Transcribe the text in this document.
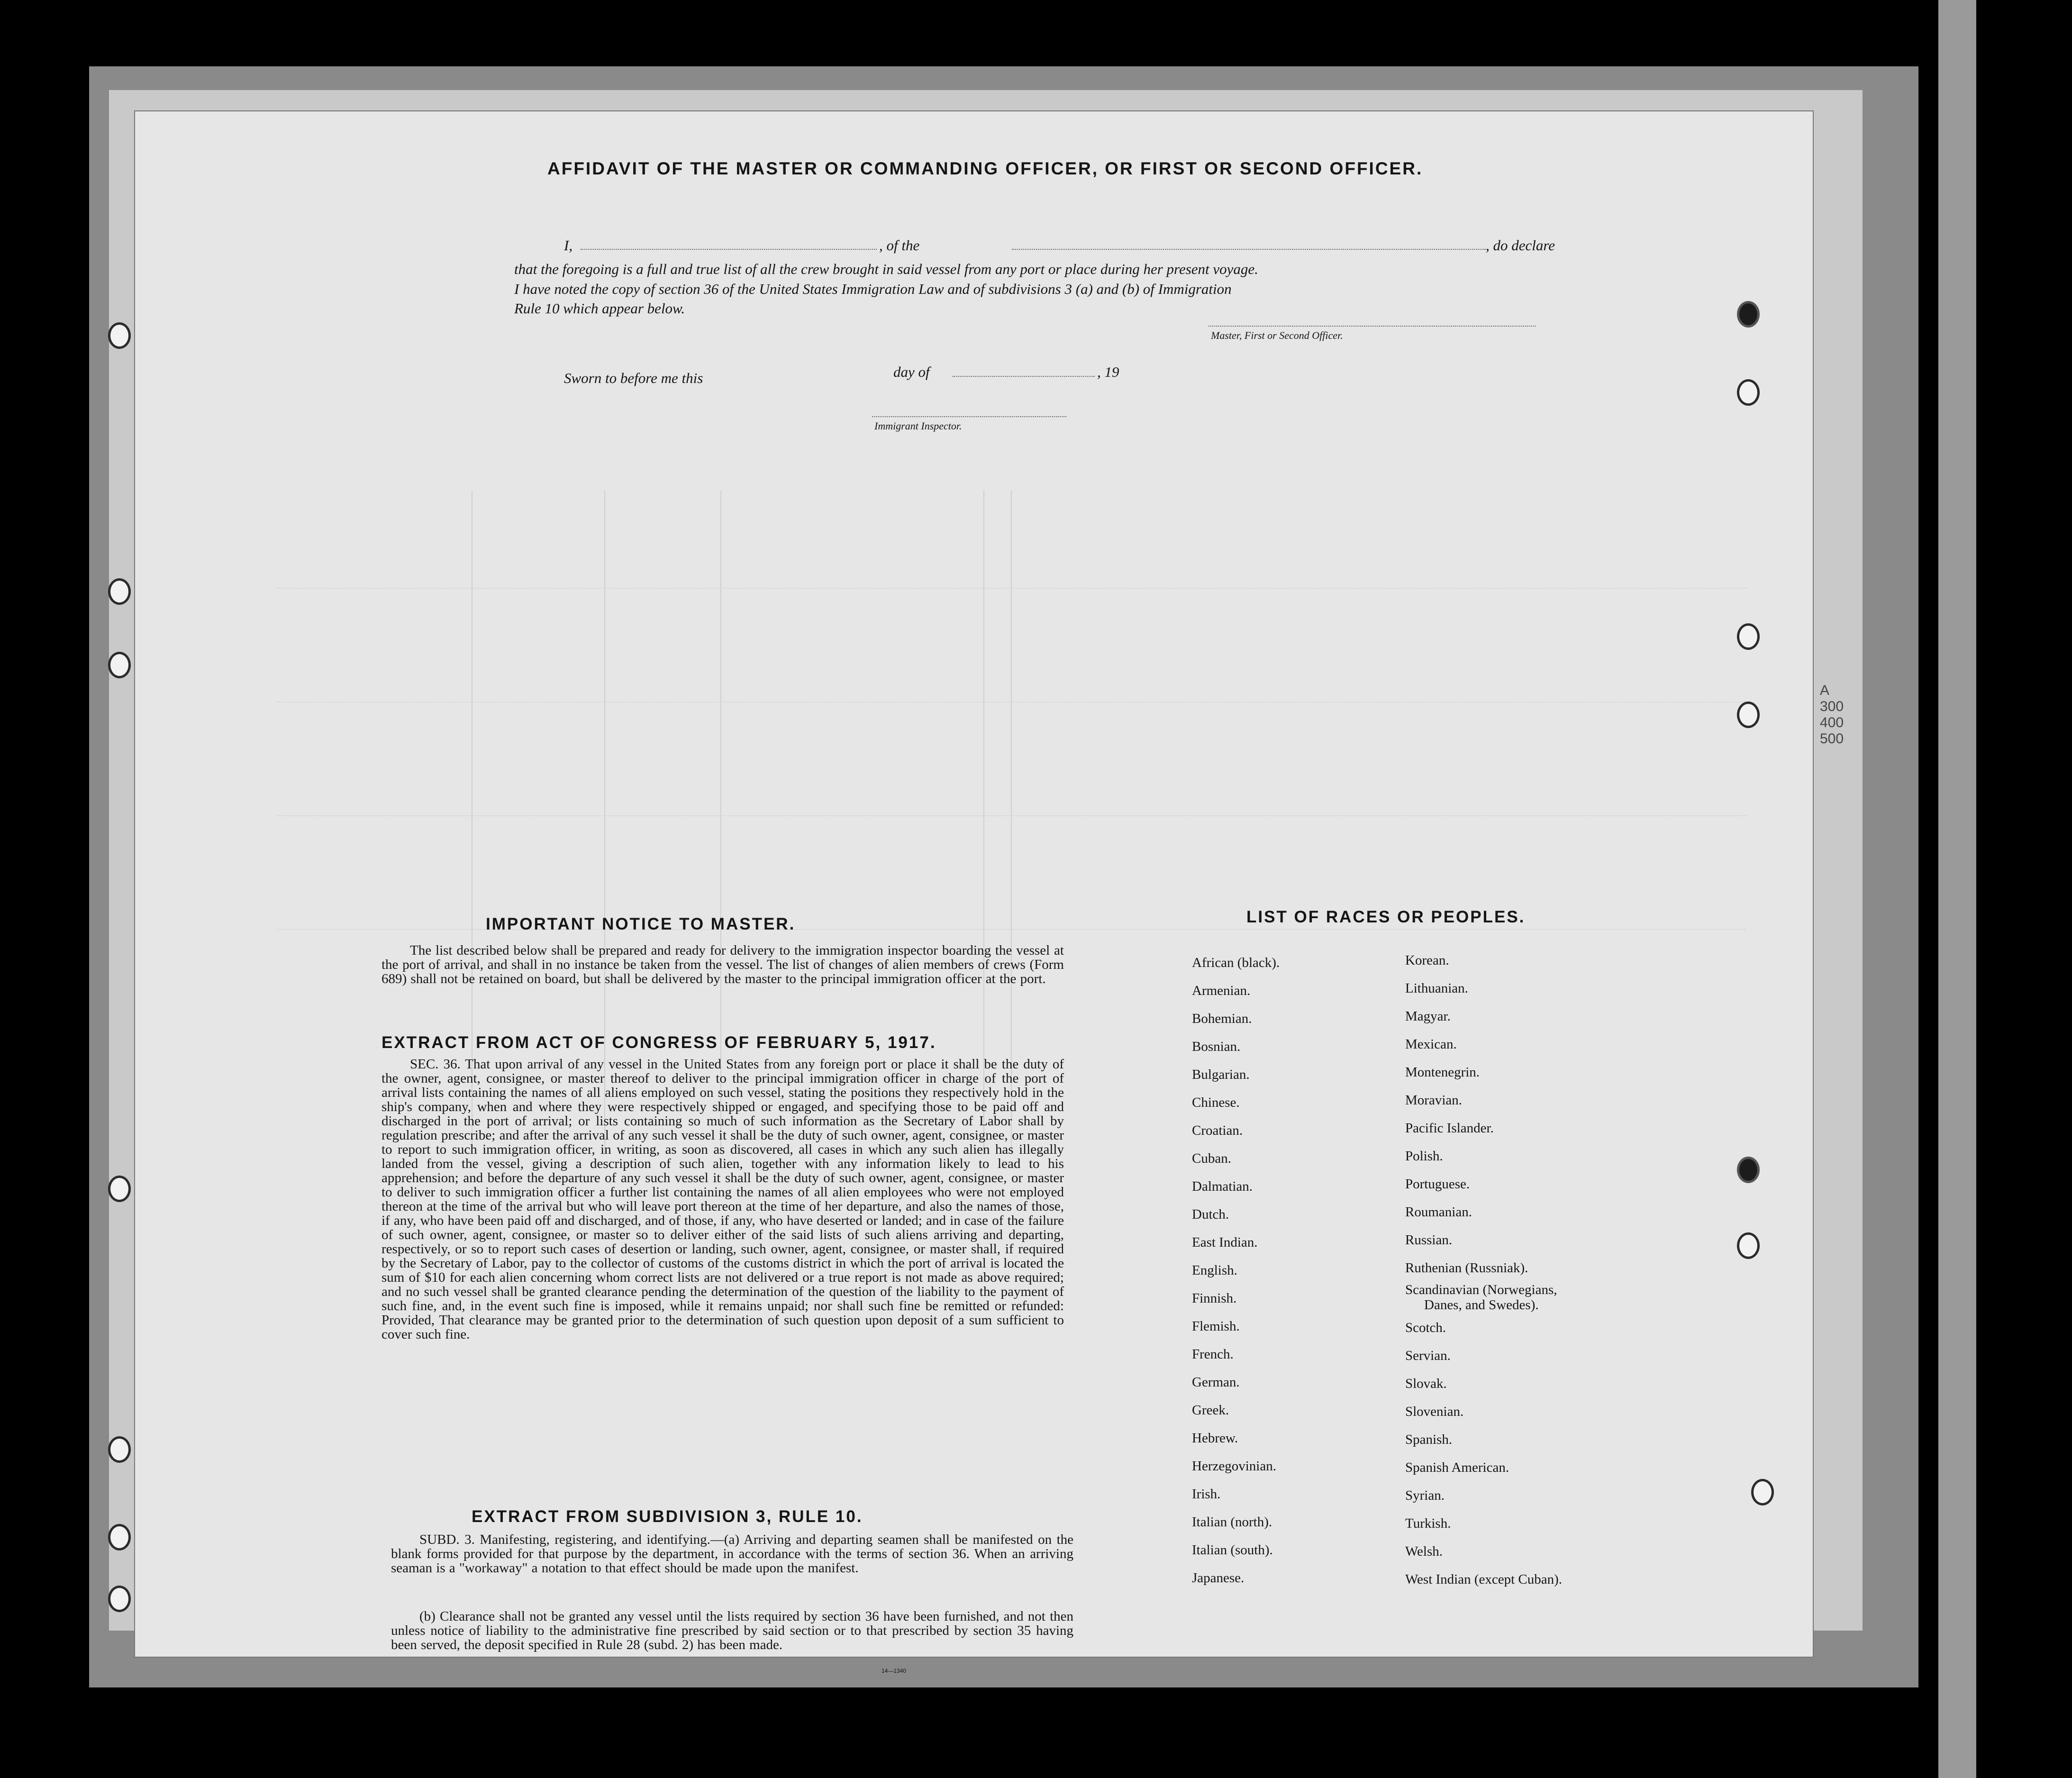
A 300 400 500
AFFIDAVIT OF THE MASTER OR COMMANDING OFFICER, OR FIRST OR SECOND OFFICER.
I,	, of the	, do declare
that the foregoing is a full and true list of all the crew brought in said vessel from any port or place during her present voyage.
I have noted the copy of section 36 of the United States Immigration Law and of subdivisions 3 (a) and (b) of Immigration
Rule 10 which appear below.
Master, First or Second Officer.
Sworn to before me this	day of	, 19
Immigrant Inspector.
IMPORTANT NOTICE TO MASTER.
The list described below shall be prepared and ready for delivery to the immigration inspector boarding the vessel at the port of arrival, and shall in no instance be taken from the vessel. The list of changes of alien members of crews (Form 689) shall not be retained on board, but shall be delivered by the master to the principal immigration officer at the port.
EXTRACT FROM ACT OF CONGRESS OF FEBRUARY 5, 1917.
SEC. 36. That upon arrival of any vessel in the United States from any foreign port or place it shall be the duty of the owner, agent, consignee, or master thereof to deliver to the principal immigration officer in charge of the port of arrival lists containing the names of all aliens employed on such vessel, stating the positions they respectively hold in the ship's company, when and where they were respectively shipped or engaged, and specifying those to be paid off and discharged in the port of arrival; or lists containing so much of such information as the Secretary of Labor shall by regulation prescribe; and after the arrival of any such vessel it shall be the duty of such owner, agent, consignee, or master to report to such immigration officer, in writing, as soon as discovered, all cases in which any such alien has illegally landed from the vessel, giving a description of such alien, together with any information likely to lead to his apprehension; and before the departure of any such vessel it shall be the duty of such owner, agent, consignee, or master to deliver to such immigration officer a further list containing the names of all alien employees who were not employed thereon at the time of the arrival but who will leave port thereon at the time of her departure, and also the names of those, if any, who have been paid off and discharged, and of those, if any, who have deserted or landed; and in case of the failure of such owner, agent, consignee, or master so to deliver either of the said lists of such aliens arriving and departing, respectively, or so to report such cases of desertion or landing, such owner, agent, consignee, or master shall, if required by the Secretary of Labor, pay to the collector of customs of the customs district in which the port of arrival is located the sum of $10 for each alien concerning whom correct lists are not delivered or a true report is not made as above required; and no such vessel shall be granted clearance pending the determination of the question of the liability to the payment of such fine, and, in the event such fine is imposed, while it remains unpaid; nor shall such fine be remitted or refunded: Provided, That clearance may be granted prior to the determination of such question upon deposit of a sum sufficient to cover such fine.
EXTRACT FROM SUBDIVISION 3, RULE 10.
SUBD. 3. Manifesting, registering, and identifying.—(a) Arriving and departing seamen shall be manifested on the blank forms provided for that purpose by the department, in accordance with the terms of section 36. When an arriving seaman is a "workaway" a notation to that effect should be made upon the manifest.
(b) Clearance shall not be granted any vessel until the lists required by section 36 have been furnished, and not then unless notice of liability to the administrative fine prescribed by said section or to that prescribed by section 35 having been served, the deposit specified in Rule 28 (subd. 2) has been made.
14—1340
LIST OF RACES OR PEOPLES.
African (black).
Armenian.
Bohemian.
Bosnian.
Bulgarian.
Chinese.
Croatian.
Cuban.
Dalmatian.
Dutch.
East Indian.
English.
Finnish.
Flemish.
French.
German.
Greek.
Hebrew.
Herzegovinian.
Irish.
Italian (north).
Italian (south).
Japanese.
Korean.
Lithuanian.
Magyar.
Mexican.
Montenegrin.
Moravian.
Pacific Islander.
Polish.
Portuguese.
Roumanian.
Russian.
Ruthenian (Russniak).
Scandinavian (Norwegians,
Danes, and Swedes).
Scotch.
Servian.
Slovak.
Slovenian.
Spanish.
Spanish American.
Syrian.
Turkish.
Welsh.
West Indian (except Cuban).
